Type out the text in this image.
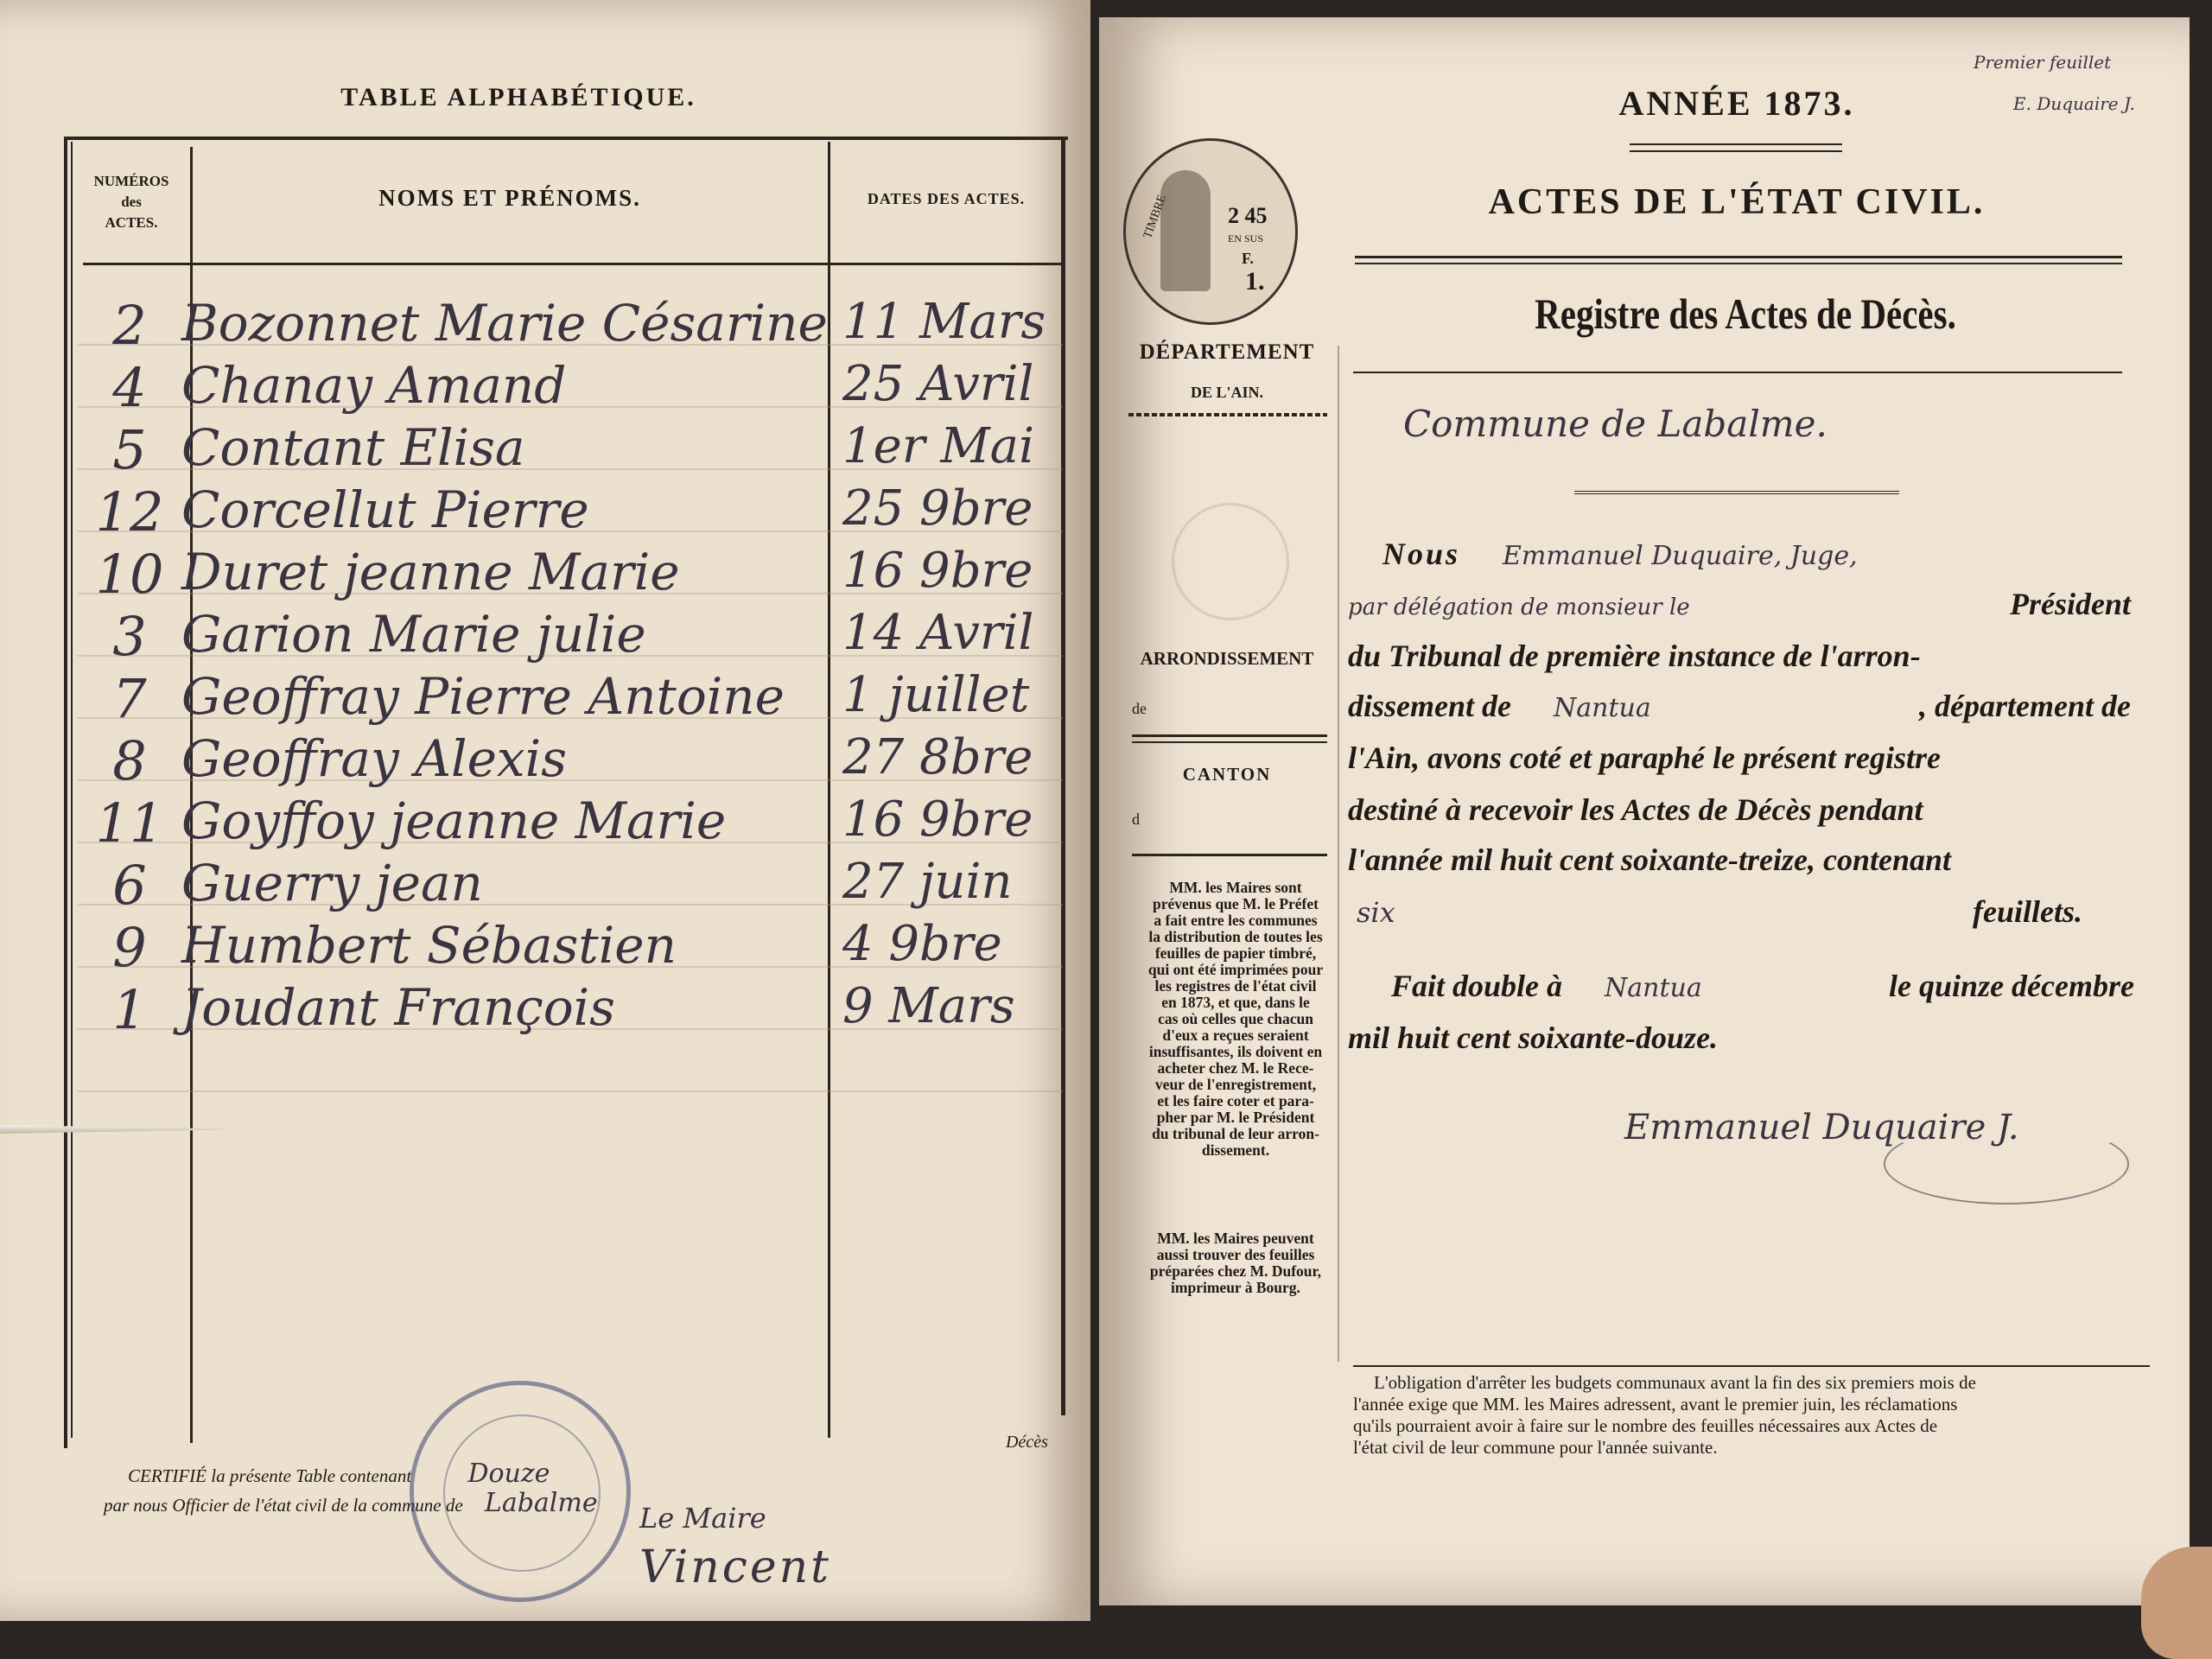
TABLE ALPHABÉTIQUE.
NUMÉROS
des
ACTES.
NOMS ET PRÉNOMS.	DATES DES ACTES.
2 Bozonnet Marie Césarine 11 Mars
4 Chanay Amand	25 Avril
5 Contant Elisa	1er Mai
12 Corcellut Pierre	25 9bre
10 Duret jeanne Marie	16 9bre
3 Garion Marie julie	14 Avril
7 Geoffray Pierre Antoine	1 juillet
8 Geoffray Alexis	27 8bre
11 Goyffoy jeanne Marie	16 9bre
6 Guerry jean	27 juin
9 Humbert Sébastien	4 9bre
1 Joudant François	9 Mars
Décès
CERTIFIÉ la présente Table contenant Douze
par nous Officier de l'état civil de la commune de Labalme Le Maire
Vincent
Premier feuillet
E. Duquaire J.
ANNÉE 1873.
ACTES DE L'ÉTAT CIVIL.
Registre des Actes de Décès.
Commune de Labalme.
TIMBRE	2 45
EN SUS
F.
1.
DÉPARTEMENT
DE L'AIN.
ARRONDISSEMENT
de
CANTON
d
MM. les Maires sont
prévenus que M. le Préfet
a fait entre les communes
la distribution de toutes les
feuilles de papier timbré,
qui ont été imprimées pour
les registres de l'état civil
en 1873, et que, dans le
cas où celles que chacun
d'eux a reçues seraient
insuffisantes, ils doivent en
acheter chez M. le Rece-
veur de l'enregistrement,
et les faire coter et para-
pher par M. le Président
du tribunal de leur arron-
dissement.
MM. les Maires peuvent
aussi trouver des feuilles
préparées chez M. Dufour,
imprimeur à Bourg.
Nous Emmanuel Duquaire, Juge,
par délégation de monsieur le	Président
du Tribunal de première instance de l'arron-
dissement de Nantua	, département de
l'Ain, avons coté et paraphé le présent registre
destiné à recevoir les Actes de Décès pendant
l'année mil huit cent soixante-treize, contenant
six	feuillets.
Fait double à Nantua	le quinze décembre
mil huit cent soixante-douze.
Emmanuel Duquaire J.
L'obligation d'arrêter les budgets communaux avant la fin des six premiers mois de
l'année exige que MM. les Maires adressent, avant le premier juin, les réclamations
qu'ils pourraient avoir à faire sur le nombre des feuilles nécessaires aux Actes de
l'état civil de leur commune pour l'année suivante.
